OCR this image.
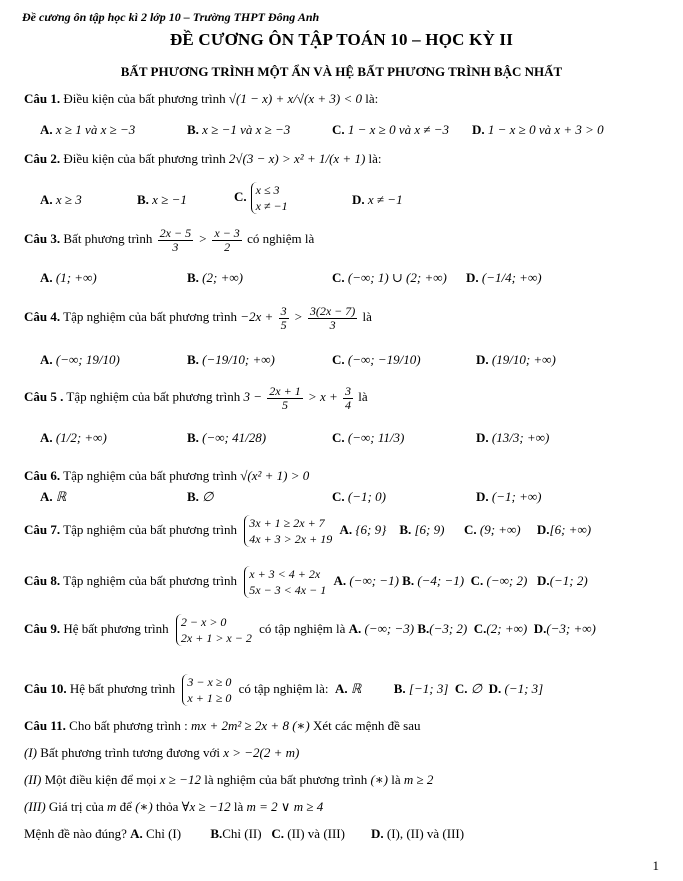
Đề cương ôn tập học kì 2 lớp 10 – Trường THPT Đông Anh
ĐỀ CƯƠNG ÔN TẬP TOÁN 10 – HỌC KỲ II
BẤT PHƯƠNG TRÌNH MỘT ẨN VÀ HỆ BẤT PHƯƠNG TRÌNH BẬC NHẤT
Câu 1. Điều kiện của bất phương trình √(1 − x) + x/√(x + 3) < 0 là:
A. x ≥ 1 và x ≥ −3	B. x ≥ −1 và x ≥ −3	C. 1 − x ≥ 0 và x ≠ −3 D. 1 − x ≥ 0 và x + 3 > 0
Câu 2. Điều kiện của bất phương trình 2√(3 − x) > x² + 1/(x + 1) là:
A. x ≥ 3	B. x ≥ −1	C. x ≤ 3
x ≠ −1	D. x ≠ −1
Câu 3. Bất phương trình $\frac{2x - 5}{3} > \frac{x - 3}{2}$ có nghiệm là
A. (1; +∞)	B. (2; +∞)	C. (−∞; 1) ∪ (2; +∞) D. (−1/4; +∞)
Câu 4. Tập nghiệm của bất phương trình $-2x + \frac{3}{5} > \frac{3(2x - 7)}{3}$ là
A. (−∞; 19/10)	B. (−19/10; +∞)	C. (−∞; −19/10)	D. (19/10; +∞)
Câu 5 . Tập nghiệm của bất phương trình $3 - \frac{2x + 1}{5} > x + \frac{3}{4}$ là
A. (1/2; +∞)	B. (−∞; 41/28)	C. (−∞; 11/3)	D. (13/3; +∞)
Câu 6. Tập nghiệm của bất phương trình √(x² + 1) > 0
A. ℝ	B. ∅	C. (−1; 0)	D. (−1; +∞)
Câu 7. Tập nghiệm của bất phương trình 3x + 1 ≥ 2x + 7
4x + 3 > 2x + 19
A. {6; 9} B. [6; 9) C. (9; +∞) D.[6; +∞)
Câu 8. Tập nghiệm của bất phương trình x + 3 < 4 + 2x
5x − 3 < 4x − 1
A. (−∞; −1) B. (−4; −1) C. (−∞; 2) D.(−1; 2)
Câu 9. Hệ bất phương trình 2 − x > 0
2x + 1 > x − 2
có tập nghiệm là A. (−∞; −3) B.(−3; 2) C.(2; +∞) D.(−3; +∞)
Câu 10. Hệ bất phương trình 3 − x ≥ 0
x + 1 ≥ 0
có tập nghiệm là: A. ℝ	B. [−1; 3] C. ∅ D. (−1; 3]
Câu 11. Cho bất phương trình : mx + 2m² ≥ 2x + 8 (∗) Xét các mệnh đề sau
(I) Bất phương trình tương đương với x > −2(2 + m)
(II) Một điều kiện để mọi x ≥ −12 là nghiệm của bất phương trình (∗) là m ≥ 2
(III) Giá trị của m để (∗) thỏa ∀x ≥ −12 là m = 2 ∨ m ≥ 4
Mệnh đề nào đúng? A. Chỉ (I) B.Chỉ (II) C. (II) và (III) D. (I), (II) và (III)
1
